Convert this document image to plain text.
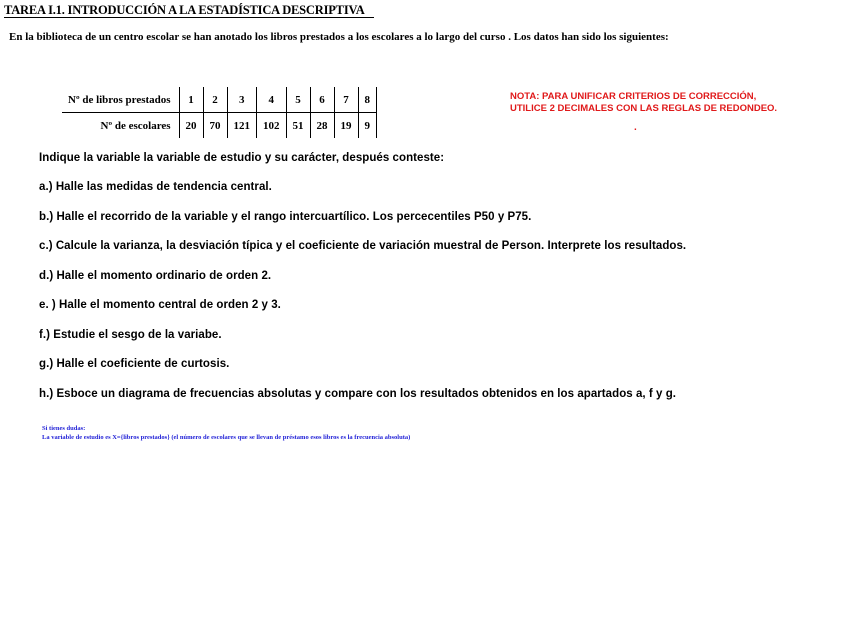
TAREA I.1. INTRODUCCIÓN A LA ESTADÍSTICA DESCRIPTIVA
En la biblioteca de un centro escolar se han anotado los libros prestados a los escolares a lo largo del curso . Los datos han sido los siguientes:
Nº de libros prestados	1	2	3	4	5	6	7	8
Nº de escolares	20	70	121	102	51	28	19	9
NOTA: PARA UNIFICAR CRITERIOS DE CORRECCIÓN,
UTILICE 2 DECIMALES CON LAS REGLAS DE REDONDEO.
.
Indique la variable la variable de estudio y su carácter, después conteste:
a.) Halle las medidas de tendencia central.
b.) Halle el recorrido de la variable y el rango intercuartílico. Los percecentiles P50 y P75.
c.) Calcule la varianza, la desviación típica y el coeficiente de variación muestral de Person. Interprete los resultados.
d.) Halle el momento ordinario de orden 2.
e. ) Halle el momento central de orden 2 y 3.
f.) Estudie el sesgo de la variabe.
g.) Halle el coeficiente de curtosis.
h.) Esboce un diagrama de frecuencias absolutas y compare con los resultados obtenidos en los apartados a, f y g.
Si tienes dudas:
La variable de estudio es X={libros prestados} (el número de escolares que se llevan de préstamo esos libros es la frecuencia absoluta)
